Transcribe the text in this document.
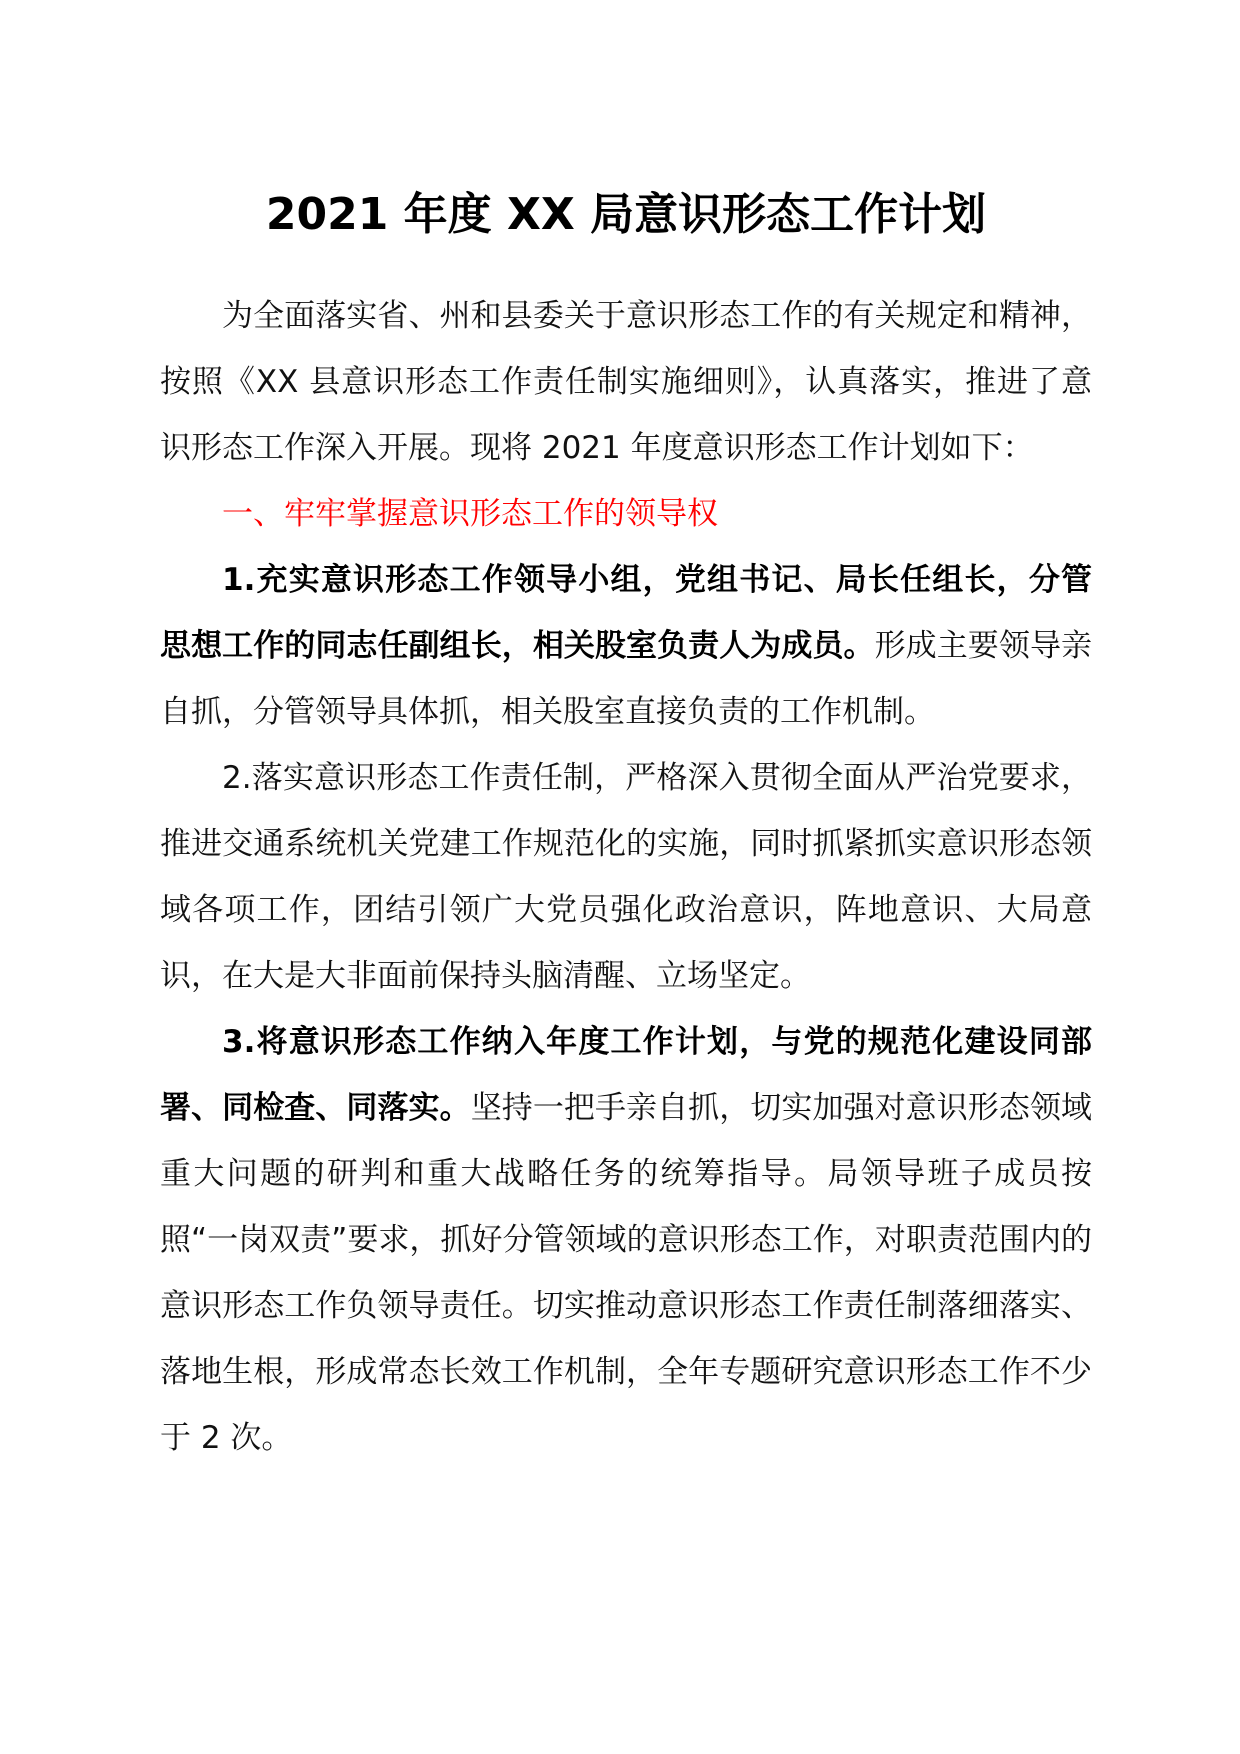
2021 年度 XX 局意识形态工作计划

为全面落实省、州和县委关于意识形态工作的有关规定和精神，按照《XX 县意识形态工作责任制实施细则》，认真落实，推进了意识形态工作深入开展。现将 2021 年度意识形态工作计划如下：

一、牢牢掌握意识形态工作的领导权

1.充实意识形态工作领导小组，党组书记、局长任组长，分管思想工作的同志任副组长，相关股室负责人为成员。形成主要领导亲自抓，分管领导具体抓，相关股室直接负责的工作机制。

2.落实意识形态工作责任制，严格深入贯彻全面从严治党要求，推进交通系统机关党建工作规范化的实施，同时抓紧抓实意识形态领域各项工作，团结引领广大党员强化政治意识，阵地意识、大局意识，在大是大非面前保持头脑清醒、立场坚定。

3.将意识形态工作纳入年度工作计划，与党的规范化建设同部署、同检查、同落实。坚持一把手亲自抓，切实加强对意识形态领域重大问题的研判和重大战略任务的统筹指导。局领导班子成员按照“一岗双责”要求，抓好分管领域的意识形态工作，对职责范围内的意识形态工作负领导责任。切实推动意识形态工作责任制落细落实、落地生根，形成常态长效工作机制，全年专题研究意识形态工作不少于 2 次。
